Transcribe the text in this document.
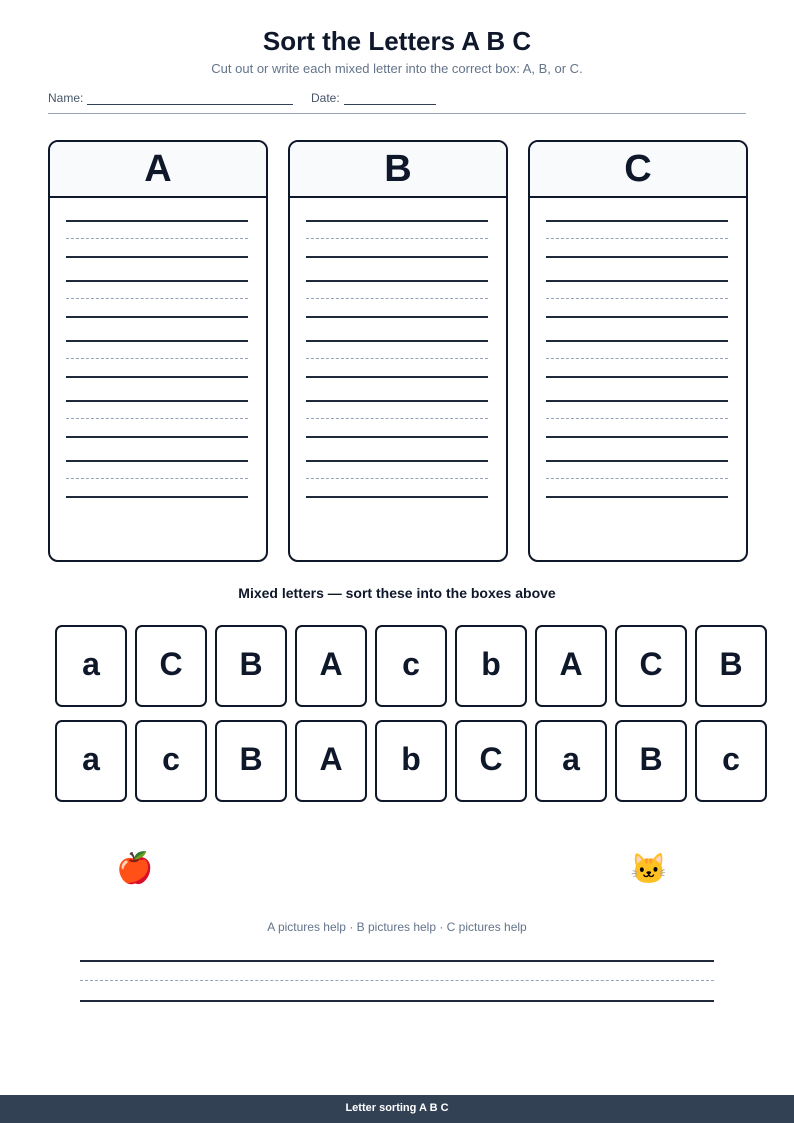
Sort the Letters A B C
Cut out or write each mixed letter into the correct box: A, B, or C.
Name:	Date:
A	B	C
Mixed letters — sort these into the boxes above
a	C	B	A	c	b	A	C	B
a	c	B	A	b	C	a	B	c
🍎	🐱
A pictures help · B pictures help · C pictures help
Letter sorting A B C
